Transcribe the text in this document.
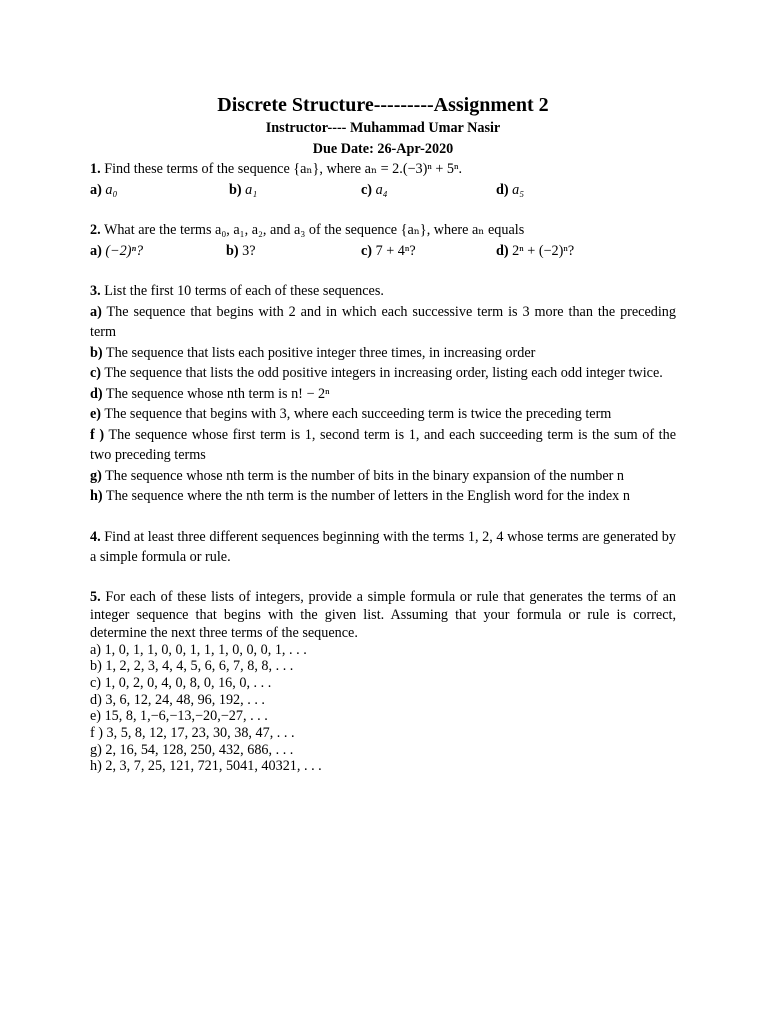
Discrete Structure---------Assignment 2
Instructor---- Muhammad Umar Nasir
Due Date: 26-Apr-2020
1. Find these terms of the sequence {aₙ}, where aₙ = 2.(−3)ⁿ + 5ⁿ.
a) a₀	b) a₁	c) a₄	d) a₅
2. What are the terms a₀, a₁, a₂, and a₃ of the sequence {aₙ}, where aₙ equals
a) (−2)ⁿ?	b) 3?	c) 7 + 4ⁿ?	d) 2ⁿ + (−2)ⁿ?
3. List the first 10 terms of each of these sequences.
a) The sequence that begins with 2 and in which each successive term is 3 more than the preceding term
b) The sequence that lists each positive integer three times, in increasing order
c) The sequence that lists the odd positive integers in increasing order, listing each odd integer twice.
d) The sequence whose nth term is n! − 2ⁿ
e) The sequence that begins with 3, where each succeeding term is twice the preceding term
f ) The sequence whose first term is 1, second term is 1, and each succeeding term is the sum of the two preceding terms
g) The sequence whose nth term is the number of bits in the binary expansion of the number n
h) The sequence where the nth term is the number of letters in the English word for the index n
4. Find at least three different sequences beginning with the terms 1, 2, 4 whose terms are generated by a simple formula or rule.
5. For each of these lists of integers, provide a simple formula or rule that generates the terms of an integer sequence that begins with the given list. Assuming that your formula or rule is correct, determine the next three terms of the sequence.
a) 1, 0, 1, 1, 0, 0, 1, 1, 1, 0, 0, 0, 1, . . .
b) 1, 2, 2, 3, 4, 4, 5, 6, 6, 7, 8, 8, . . .
c) 1, 0, 2, 0, 4, 0, 8, 0, 16, 0, . . .
d) 3, 6, 12, 24, 48, 96, 192, . . .
e) 15, 8, 1,−6,−13,−20,−27, . . .
f ) 3, 5, 8, 12, 17, 23, 30, 38, 47, . . .
g) 2, 16, 54, 128, 250, 432, 686, . . .
h) 2, 3, 7, 25, 121, 721, 5041, 40321, . . .
